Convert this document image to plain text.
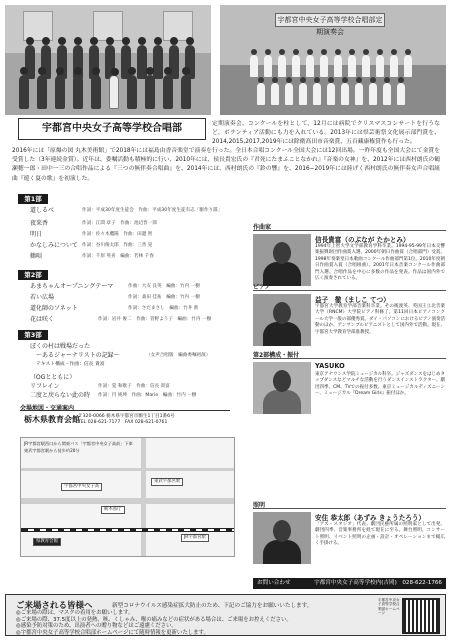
宇都宮中央女子高等学校合唱部定期演奏会

定期演奏会、コンクールを柱として、12月には病院でクリスマスコンサートを行うなど、ボランティア活動にも力を入れている。2013年には県芸術祭文化展示部門賞を、2014,2015,2017,2019年には除衛高田市音楽賞、五百藏康権賞作も行った。

2016年には「原爆の図 丸木美術館」で2018年には福島由香音楽堂で演奏を行った。全日本合唱コンクール全国大会には12回出場。一昨年度も全国大会にて金賞を受賞した（3年連続金賞）。近年は、委嘱活動も積極的に行い、2010年には、侯長貴宏氏の『君死にたまふことなかれ』『音楽の女神』を、2012年には西村朗氏の鶴瀬穂一郎・田中一三の合唱作品による『三つの無伴奏合唱曲』を、2014年には、西村朗氏の『鈴の響』を、2016−2019年には陸げく西村朗氏の無伴奏女声合唱組曲『遊く夏の歌』を初演した。

宇都宮中央女子高等学校合唱部
第1部
道しるべ	作詞：平成30年度生徒会　作曲：平成30年度生徒有志「駆作り隊」
夜来香	作詞：江間 章子　作曲：池辺晋一郎
明日	作詞：佐々木鷹陽　作曲：田邊 智
かなしみについて 作詞：谷川俊太郎　作曲：三善 晃
鶴唄	作詞：千原 英喜　編曲：若林 千春
第2部
あまちゃんオープニングテーマ	作曲：大友 良英　編曲：竹内 一樹
若い広場	作詞：桑田 佳祐　編曲：竹内 一樹
道化師のソネット	作詞：さだまさし　編曲：竹井 新
花は咲く	作詞：岩井 俊二　作曲：菅野よう子　編曲：竹内 一樹
第3部
ぼくの村は戦場だった
〜あるジャーナリストの記録〜	（女声合唱版　編曲委嘱初演）
テキスト構成・作曲：信長 貴富
（OGとともに）
リフレイン	作詞：覚 和歌子　作曲：信長 貴富
二度と戻らない此の時 作詞：円 純坤　作曲：Marie　編曲：竹内 一樹
会場地図・交通案内
栃木県教育会館
〒320-0066 栃木県宇都宮市駒生1丁目1番6号
TEL 028-621-7177　FAX 028-621-0761
JR宇都宮駅西口から関東バス「宇都宮中央女子高前」下車
東武宇都宮駅から徒歩約20分
JR宇都宮駅
東武宇都宮駅
栃木県庁
県教育会館
宇都宮中央女子高
作曲家
信長貴富（のぶなが たかとみ）

1994年上智大学文学部教育学科卒業。1994-95-99年日本交響楽振興財団作曲賞入選。2000年朝日作曲賞（合唱部門）受賞。1998年奏楽堂日本歌曲コンクール作曲部門第1位。2010年度朝日作曲賞入賞（合唱組曲）。2001年日本音楽コンクール作曲部門入選。合唱作品を中心に多数の作品を発表。作品は国内外で広く演奏されている。

ピアノ
益子　徹（ましこ てつ）

宇都宮大学教育学部音楽科卒業。その後渡英、英国王立北音楽大学（RNCM）大学院ピアノ科修了。第11回日本ピアノコンクール大学一般の部優秀賞。ダイ・パソコンにおけるピアノ演奏活動のほか、アンサンブルピアニストとして国内外で活動。現在、宇都宮大学教育学部准教授。

第2部構成・振付
YASUKO

東京アナウンス学院ミュージカル科卒。ジャズダンスをはじめタップダンスなどマルチな活動を行うダンスインストラクター。劇団四季、CM、TVでの振付多数。東京ミュージカルディズニーシー、ミュージカル『Dream Girls』振付ほか。

照明
安住 恭太郎（あずみ きょうたろう）

「アズ・スタジオ」代表。劇団民藝所属の照明家として出発。劇団四季、音楽事務所を経て現在に至る。舞台照明、コンサート照明、イベント照明の企画・設計・オペレーションまで幅広く手掛ける。

お問い合わせ	宇都宮中央女子高等学校内(吉岡)　028-622-1766
ご来場される皆様へ	新型コロナウイルス感染症拡大防止のため、下記のご協力をお願いいたします。
◎ご来場の際は、マスクの着用をお願いします。
◎ご来場の際、37.5度以上の発熱、咳、くしゃみ、喉の痛みなどの症状がある場合は、ご来場をお控えください。
◎感染予防対策のため、出演者への贈り物などはご遠慮ください。
◎宇都宮中央女子高等学校合唱部ホームページにて随時情報を更新いたします。
宇都宮中央女子高等学校合唱部ホームページ
